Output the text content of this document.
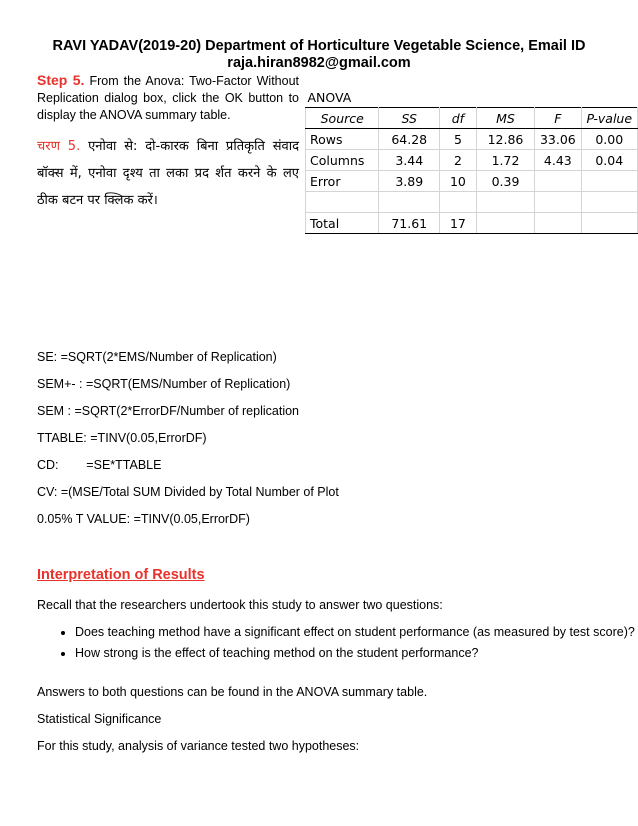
RAVI YADAV(2019-20) Department of Horticulture Vegetable Science, Email ID
raja.hiran8982@gmail.com
Step 5. From the Anova: Two-Factor Without Replication dialog box, click the OK button to display the ANOVA summary table.
चरण 5. एनोवा से: दो-कारक बिना प्रतिकृति संवाद बॉक्स में, एनोवा दृश्य ता लका प्रद र्शत करने के लए ठीक बटन पर क्लिक करें।
ANOVA					
Source	SS	df	MS	F	P-value
Rows	64.28	5	12.86	33.06	0.00
Columns	3.44	2	1.72	4.43	0.04
Error	3.89	10	0.39		

Total	71.61	17			
SE: =SQRT(2*EMS/Number of Replication)
SEM+- : =SQRT(EMS/Number of Replication)
SEM : =SQRT(2*ErrorDF/Number of replication
TTABLE: =TINV(0.05,ErrorDF)
CD:        =SE*TTABLE
CV: =(MSE/Total SUM Divided by Total Number of Plot
0.05% T VALUE: =TINV(0.05,ErrorDF)
Interpretation of Results
Recall that the researchers undertook this study to answer two questions:
• Does teaching method have a significant effect on student performance (as measured by test score)?
• How strong is the effect of teaching method on the student performance?
Answers to both questions can be found in the ANOVA summary table.
Statistical Significance
For this study, analysis of variance tested two hypotheses:
